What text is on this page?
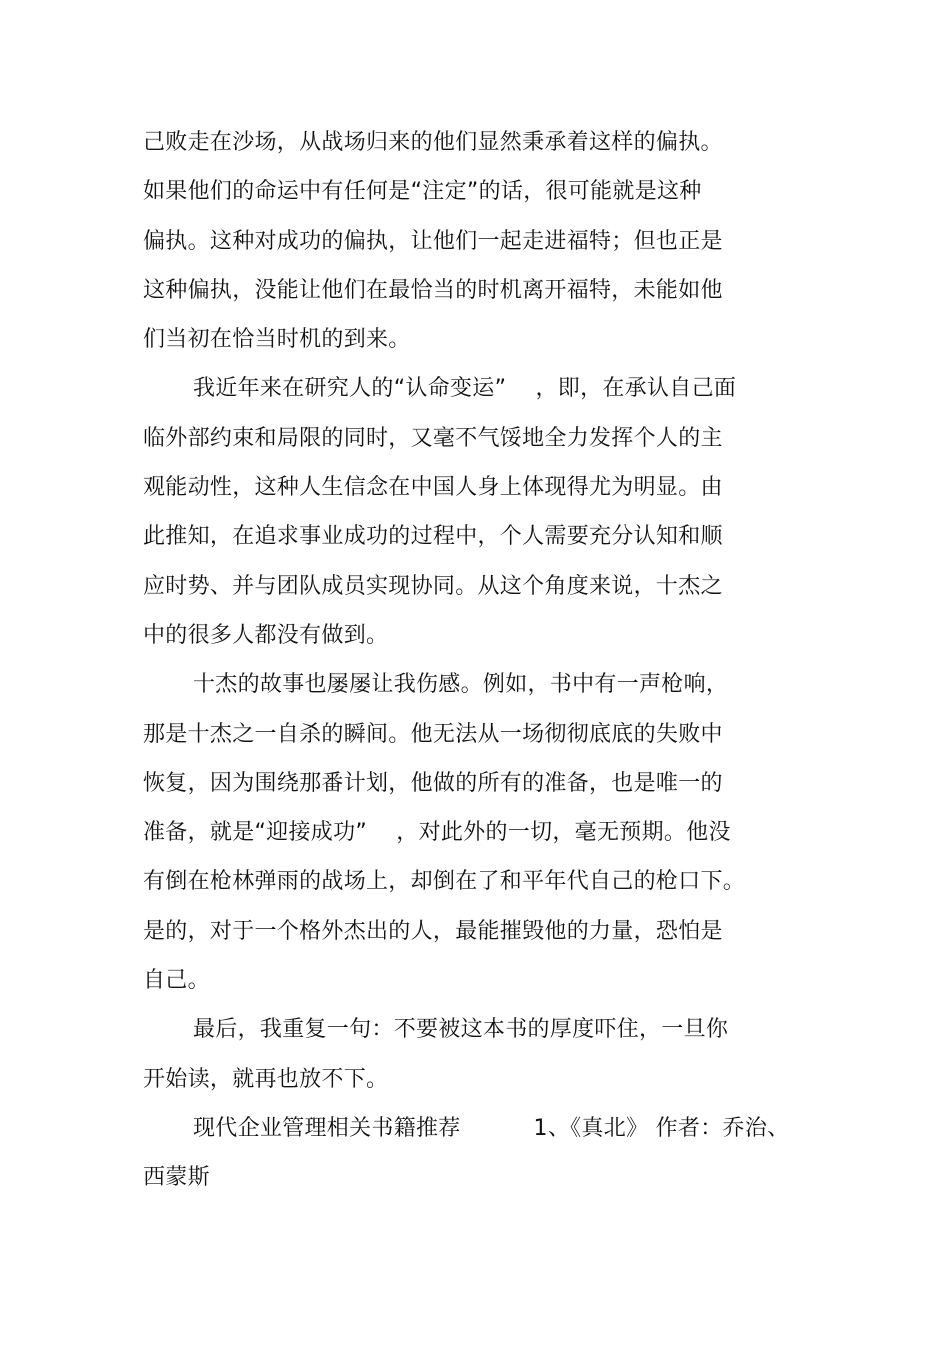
己败走在沙场，从战场归来的他们显然秉承着这样的偏执。
如果他们的命运中有任何是“注定”的话，很可能就是这种
偏执。这种对成功的偏执，让他们一起走进福特；但也正是
这种偏执，没能让他们在最恰当的时机离开福特，未能如他
们当初在恰当时机的到来。
我近年来在研究人的“认命变运”    ，即，在承认自己面
临外部约束和局限的同时，又毫不气馁地全力发挥个人的主
观能动性，这种人生信念在中国人身上体现得尤为明显。由
此推知，在追求事业成功的过程中，个人需要充分认知和顺
应时势、并与团队成员实现协同。从这个角度来说，十杰之
中的很多人都没有做到。
十杰的故事也屡屡让我伤感。例如，书中有一声枪响，
那是十杰之一自杀的瞬间。他无法从一场彻彻底底的失败中
恢复，因为围绕那番计划，他做的所有的准备，也是唯一的
准备，就是“迎接成功”    ，对此外的一切，毫无预期。他没
有倒在枪林弹雨的战场上，却倒在了和平年代自己的枪口下。
是的，对于一个格外杰出的人，最能摧毁他的力量，恐怕是
自己。
最后，我重复一句：不要被这本书的厚度吓住，一旦你
开始读，就再也放不下。
现代企业管理相关书籍推荐          1、《真北》 作者：乔治、
西蒙斯
